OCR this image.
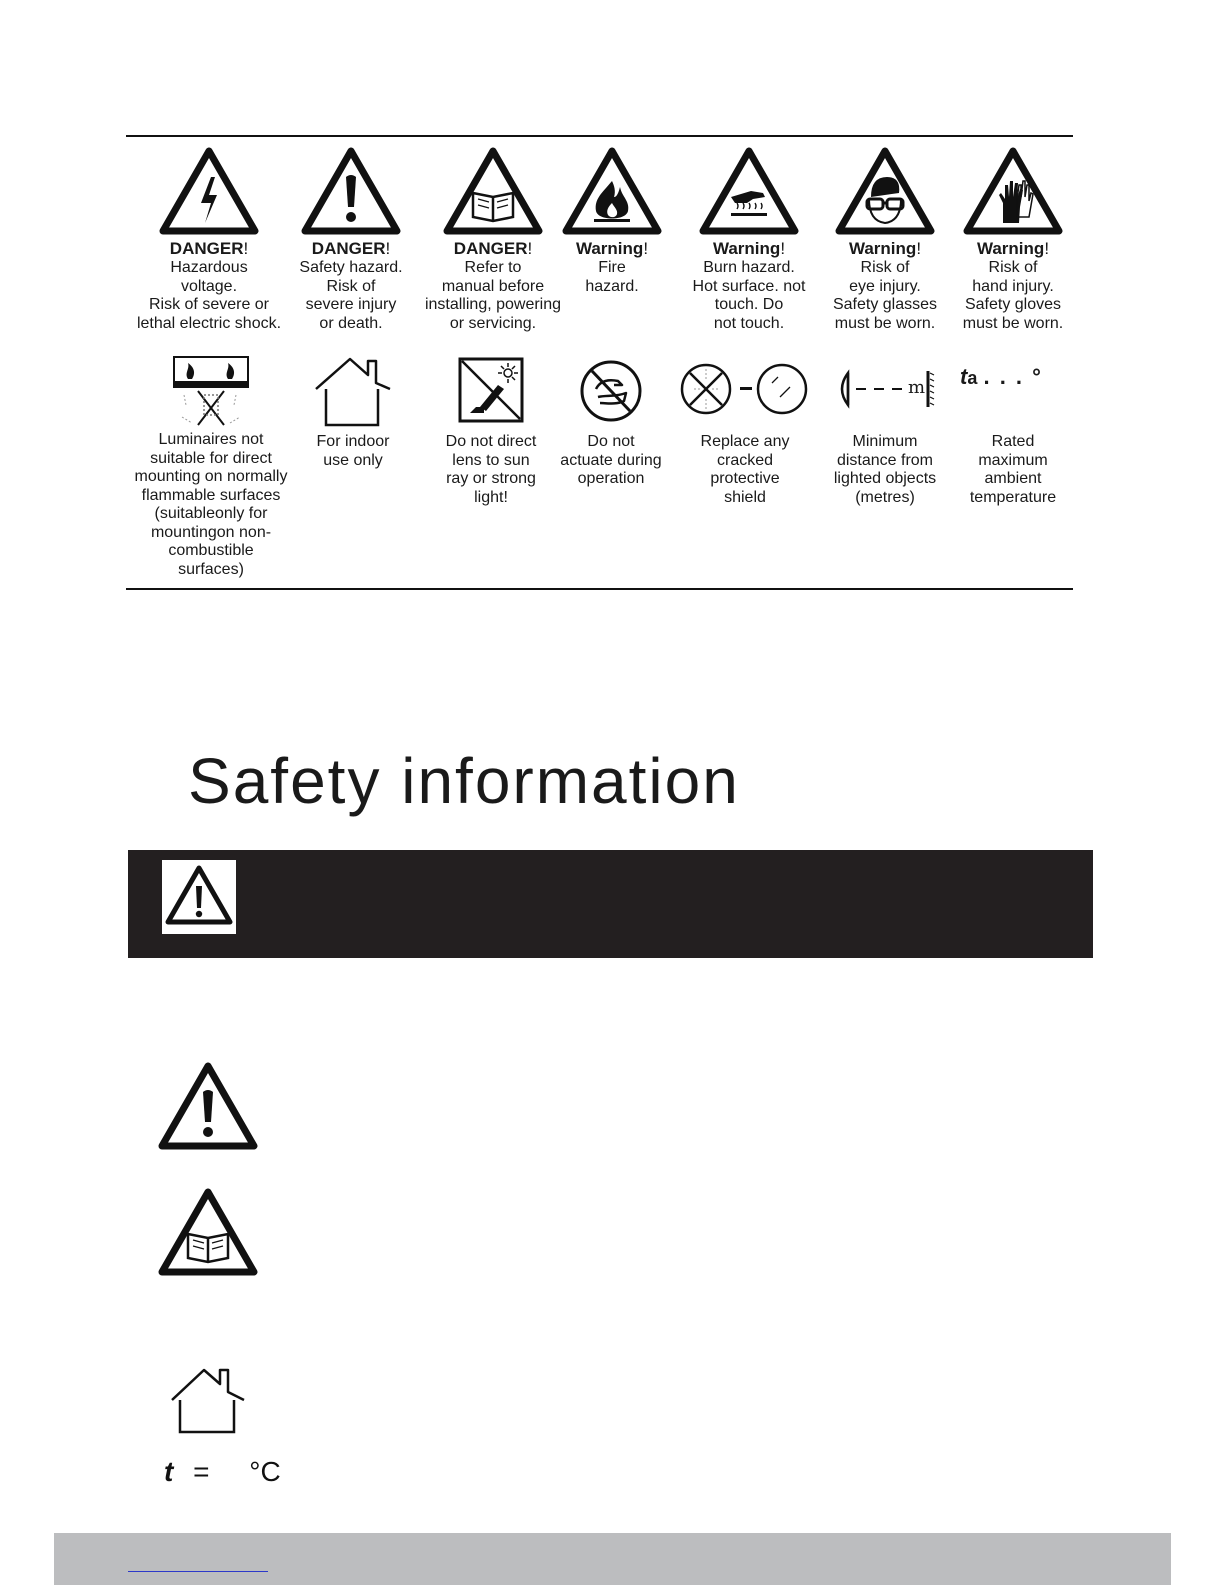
DANGER!
Hazardous
voltage.
Risk of severe or
lethal electric shock.
DANGER!
Safety hazard.
Risk of
severe injury
or death.
DANGER!
Refer to
manual before
installing, powering
or servicing.
Warning!
Fire
hazard.
Warning!
Burn hazard.
Hot surface. not
touch. Do
not touch.
Warning!
Risk of
eye injury.
Safety glasses
must be worn.
Warning!
Risk of
hand injury.
Safety gloves
must be worn.
Luminaires not
suitable for direct
mounting on normally
flammable surfaces
(suitableonly for
mountingon non-
combustible
surfaces)
For indoor
use only
Do not direct
lens to sun
ray or strong
light!
Do not
actuate during
operation
Replace any
cracked
protective
shield
m
Minimum
distance from
lighted objects
(metres)
ta . . . °
Rated
maximum
ambient
temperature
Safety information
t = °C
